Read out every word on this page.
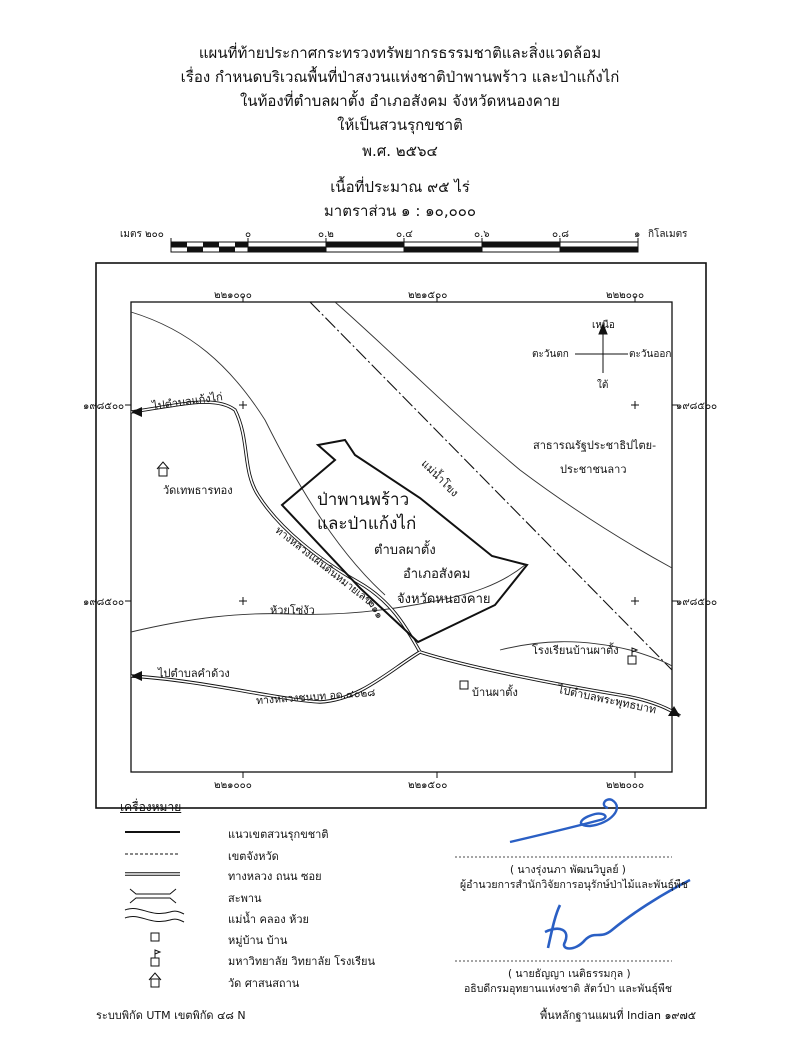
แผนที่ท้ายประกาศกระทรวงทรัพยากรธรรมชาติและสิ่งแวดล้อม
เรื่อง กำหนดบริเวณพื้นที่ป่าสงวนแห่งชาติป่าพานพร้าว และป่าแก้งไก่
ในท้องที่ตำบลผาตั้ง อำเภอสังคม จังหวัดหนองคาย
ให้เป็นสวนรุกขชาติ
พ.ศ. ๒๕๖๔
เนื้อที่ประมาณ ๙๕ ไร่
มาตราส่วน ๑ : ๑๐,๐๐๐
เมตร ๒๐๐	๐	๐.๒	๐.๔	๐.๖	๐.๘	๑ กิโลเมตร
๒๒๑๐๐๐	๒๒๑๕๐๐	๒๒๒๐๐๐
๒๒๑๐๐๐	๒๒๑๕๐๐	๒๒๒๐๐๐
๑๙๘๕๐๐
๑๙๘๕๐๐
๑๙๘๕๐๐
๑๙๘๕๐๐
เหนือ
ใต้
ตะวันออก
ตะวันตก
ป่าพานพร้าว
และป่าแก้งไก่
ตำบลผาตั้ง
อำเภอสังคม
จังหวัดหนองคาย
แม่น้ำโขง
สาธารณรัฐประชาธิปไตย-
ประชาชนลาว
ไปตำบลแก้งไก่
วัดเทพธารทอง
ทางหลวงแผ่นดินหมายเลข
๒๑๑
ห้วยโซ่งัว
ไปตำบลคำด้วง
ทางหลวงชนบท อด.๔๐๒๘	บ้านผาตั้ง
โรงเรียนบ้านผาตั้ง
ไปตำบลพระพุทธบาท
เครื่องหมาย
แนวเขตสวนรุกขชาติ
เขตจังหวัด
ทางหลวง ถนน ซอย
สะพาน
แม่น้ำ คลอง ห้วย
หมู่บ้าน บ้าน
มหาวิทยาลัย วิทยาลัย โรงเรียน
วัด ศาสนสถาน
( นางรุ่งนภา พัฒนวิบูลย์ )
ผู้อำนวยการสำนักวิจัยการอนุรักษ์ป่าไม้และพันธุ์พืช
( นายธัญญา เนติธรรมกุล )
อธิบดีกรมอุทยานแห่งชาติ สัตว์ป่า และพันธุ์พืช
ระบบพิกัด UTM เขตพิกัด ๔๘ N	พื้นหลักฐานแผนที่ Indian ๑๙๗๕
